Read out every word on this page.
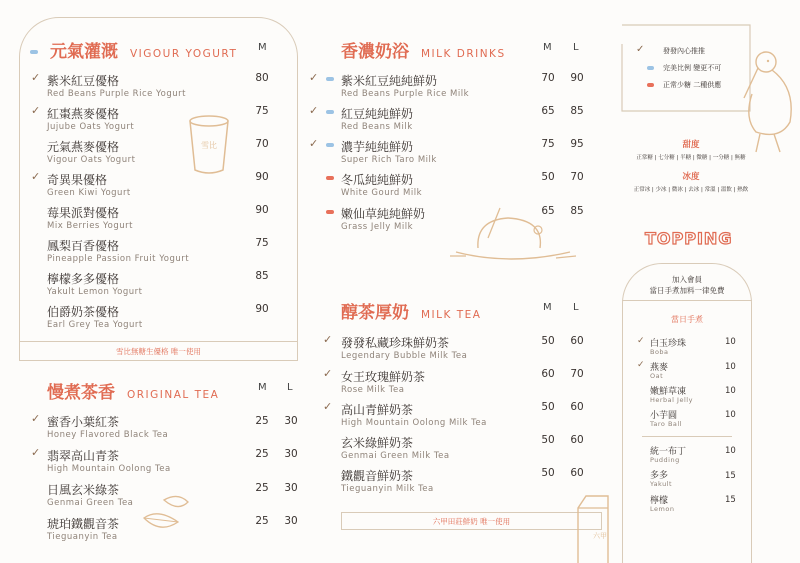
元氣灌溉 VIGOUR YOGURT
M
✓ 紫米紅豆優格
Red Beans Purple Rice Yogurt
80
✓ 紅棗燕麥優格
Jujube Oats Yogurt
75
元氣燕麥優格
Vigour Oats Yogurt
70
✓ 奇異果優格
Green Kiwi Yogurt
90
莓果派對優格
Mix Berries Yogurt
90
鳳梨百香優格
Pineapple Passion Fruit Yogurt
75
檸檬多多優格
Yakult Lemon Yogurt
85
伯爵奶茶優格
Earl Grey Tea Yogurt
90
雪比
雪比無糖生優格 唯一使用
慢煮茶香 ORIGINAL TEA
M L
✓ 蜜香小葉紅茶
Honey Flavored Black Tea
25	30
✓ 翡翠高山青茶
High Mountain Oolong Tea
25	30
日風玄米綠茶
Genmai Green Tea
25	30
琥珀鐵觀音茶
Tieguanyin Tea
25	30
香濃奶浴 MILK DRINKS
M L
✓ 紫米紅豆純純鮮奶
Red Beans Purple Rice Milk
70	90
✓ 紅豆純純鮮奶
Red Beans Milk
65	85
✓ 濃芋純純鮮奶
Super Rich Taro Milk
75	95
冬瓜純純鮮奶
White Gourd Milk
50	70
嫩仙草純純鮮奶
Grass Jelly Milk
65	85
醇茶厚奶 MILK TEA
M L
✓ 發發私藏珍珠鮮奶茶
Legendary Bubble Milk Tea
50	60
✓ 女王玫瑰鮮奶茶
Rose Milk Tea
60	70
✓ 高山青鮮奶茶
High Mountain Oolong Milk Tea
50	60
玄米綠鮮奶茶
Genmai Green Milk Tea
50	60
鐵觀音鮮奶茶
Tieguanyin Milk Tea
50	60
六甲田莊鮮奶 唯一使用
六甲
✓	發發內心推推
完美比例 變更不可
正常少糖 二種供應
甜度
正常糖 | 七分糖 | 半糖 | 微糖 | 一分糖 | 無糖
冰度
正常冰 | 少冰 | 微冰 | 去冰 | 常溫 | 溫飲 | 熱飲
TOPPING
加入會員
當日手煮加料一律免費
當日手煮
✓ 白玉珍珠
Boba
10
✓ 燕麥
Oat
10
嫩鮮草凍
Herbal Jelly
10
小芋圓
Taro Ball
10
統一布丁
Pudding
10
多多
Yakult
15
檸檬
Lemon
15
